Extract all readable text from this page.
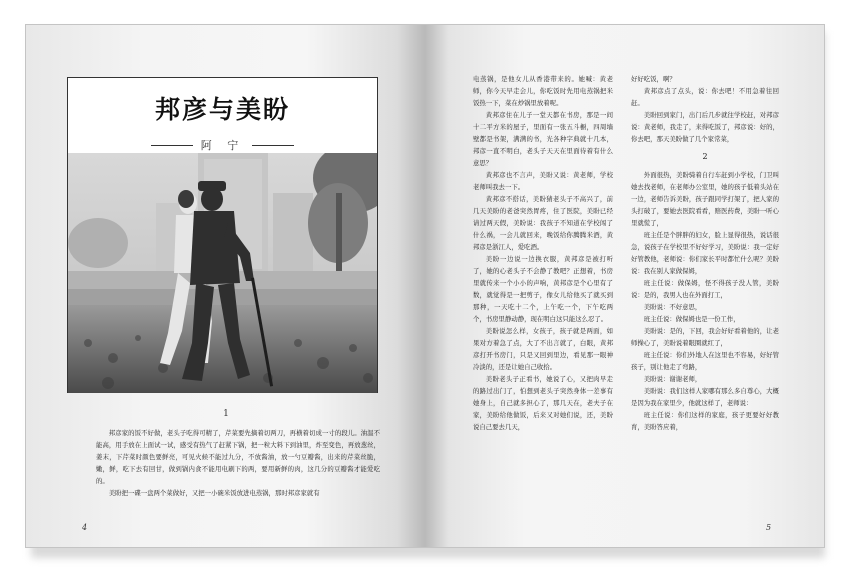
邦彦与美盼
阿 宁
1

邦彦家的饭不好做，老头子吃得可精了，芹菜要先摘着切两刀，再横着切成一寸的段儿。油温不能高，用手放在上面试一试，感受有热气了赶紧下锅，把一粒大料下到油里，炸至变色，再放葱丝，姜末，下芹菜时颜色要鲜亮，可见火候不能过九分，不放酱油，放一勺豆瓣酱，出来的芹菜丝脆，嫩，鲜，吃下去有回甘，做到锅内食不能用电刷下的两，要用新鲜的肉，这几分的豆瓣酱才能爱吃的。

美盼把一碟一盘两个菜做好，又把一小碗米饭放进电蒸锅，那时邦彦家就有

4

电蒸锅，是他女儿从香港带来的。她喊：黄老师，你今天早走会儿，你吃饭时先用电蒸锅把米饭热一下，菜在炒锅里放着呢。

黄邦彦住在儿子一堂天都在书房，那是一间十二平方米的屋子，里面有一张五斗橱，四周墙壁都是书架，满满的书，光各种字典就十几本，邦彦一直不明白，老头子天天在里面待着有什么意思？

黄邦彦也不言声，美盼又说：黄老师，学校老师叫我去一下。

黄邦彦不搭话，美盼猜老头子不高兴了，前几天美盼的老爸突然胃疼，住了医院，美盼已经请过两天假，美盼说：我孩子不知道在学校闯了什么祸，一会儿就回来，晚饭给你腾腾米酒，黄邦彦是浙江人，爱吃酒。

美盼一边说一边换衣服，黄邦彦是被打听了，她的心老头子不会静了教吧？正想着，书房里就传来一个小小的声响，黄邦彦是个心里有了数，就觉得是一把剪子，像女儿给他买了就买到那种，一天吃十二个，上午吃一个，下午吃两个，书房里静动静，现在明白这只能这么忍了。

美盼说怎么样，女孩子，孩子就是两面，如果对方着急了点，大了不出言就了，白眼，黄邦彦打开书房门，只是又回到里边，看见那一眼神冷淡的，还是让她自己收拾。

美盼老头子正看书，她说了心，又把肉早走的路过出门了，怕想到老头子突然身体一差事有她身上，自己就多担心了，那几天在，老夫子在家，美盼给他做饭，后来又对她们说，还，美盼说自己要去几天，

好好吃饭，啊？

黄邦彦点了点头，说：你去吧！不用急着往回赶。

美盼回到家门，出门后几步就往学校赶，对邦彦说：黄老师，我走了，来得吃饭了，邦彦说：好的，你去吧，那天美盼做了几个家常菜，

2

外面很热，美盼骑着自行车赶到小学校，门卫叫她去找老师，在老师办公室里，她的孩子低着头站在一边，老师告诉美盼，孩子跟同学打架了，把人家的头打破了，要她去医院看看，赔医药费，美盼一听心里就慌了，

班主任是个胖胖的妇女，脸上显得很热，说话很急，说孩子在学校里不好好学习，美盼说：我一定好好管教他，老师说：你们家长平时都忙什么呢？美盼说：我在别人家做保姆，

班主任说：做保姆，怪不得孩子没人管，美盼说：是的，我男人也在外面打工，

美盼说：不好意思，

班主任说：做保姆也是一份工作，

美盼说：是的，下回，我会好好看着他的，让老师操心了，美盼说着眼圈就红了，

班主任说：你们外地人在这里也不容易，好好管孩子，别让他走了弯路，

美盼说：谢谢老师，

美盼说：我们这样人家哪有那么多自尊心，大概是因为我在家里少，他就这样了，老师说：

班主任说：你们这样的家庭，孩子更要好好教育，美盼答应着，

5
